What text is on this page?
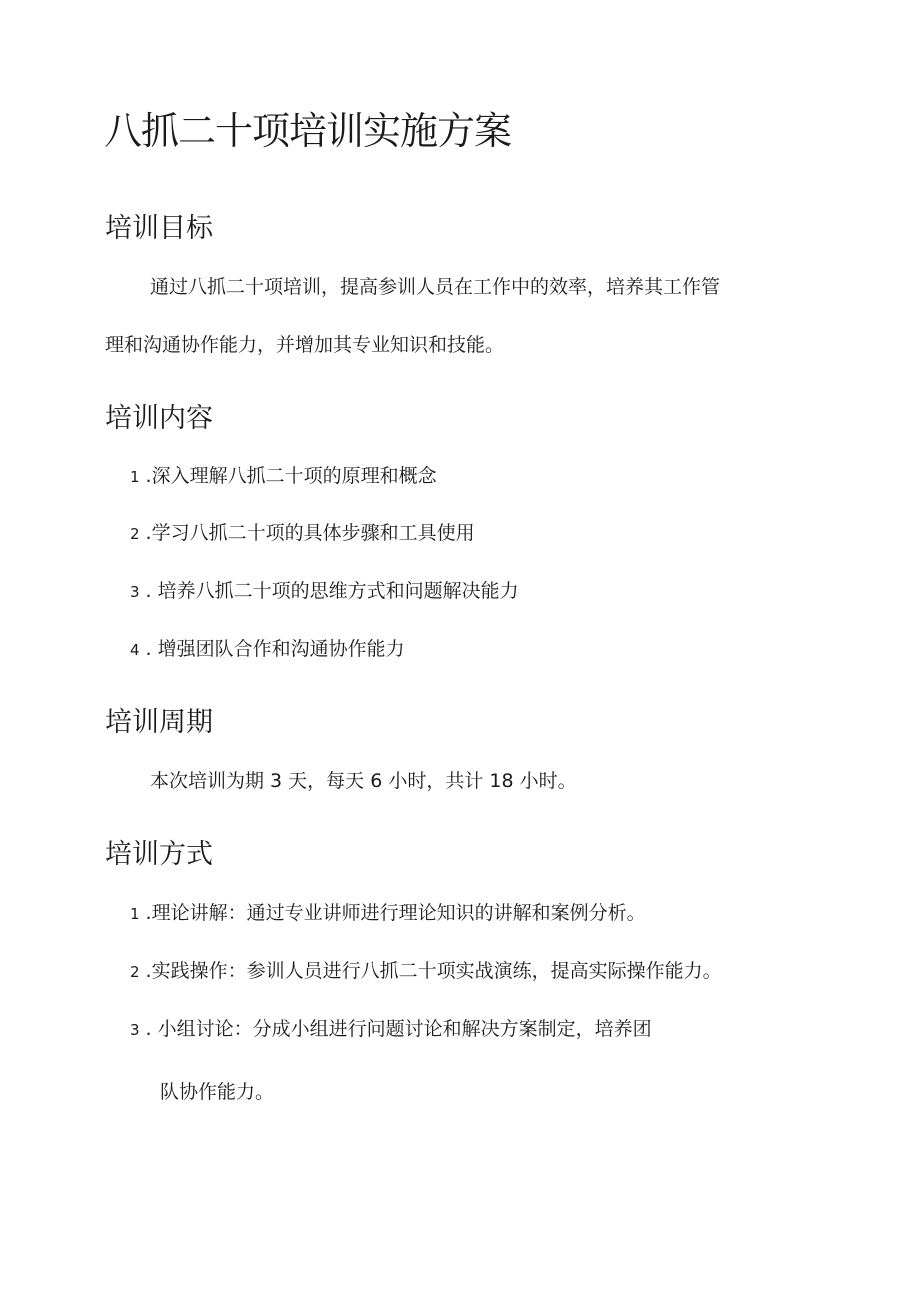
八抓二十项培训实施方案
培训目标

通过八抓二十项培训，提高参训人员在工作中的效率，培养其工作管

理和沟通协作能力，并增加其专业知识和技能。

培训内容

1 .深入理解八抓二十项的原理和概念

2 .学习八抓二十项的具体步骤和工具使用

3 . 培养八抓二十项的思维方式和问题解决能力

4 . 增强团队合作和沟通协作能力

培训周期

本次培训为期 3 天，每天 6 小时，共计 18 小时。

培训方式

1 .理论讲解：通过专业讲师进行理论知识的讲解和案例分析。

2 .实践操作：参训人员进行八抓二十项实战演练，提高实际操作能力。

3 . 小组讨论：分成小组进行问题讨论和解决方案制定，培养团

队协作能力。
